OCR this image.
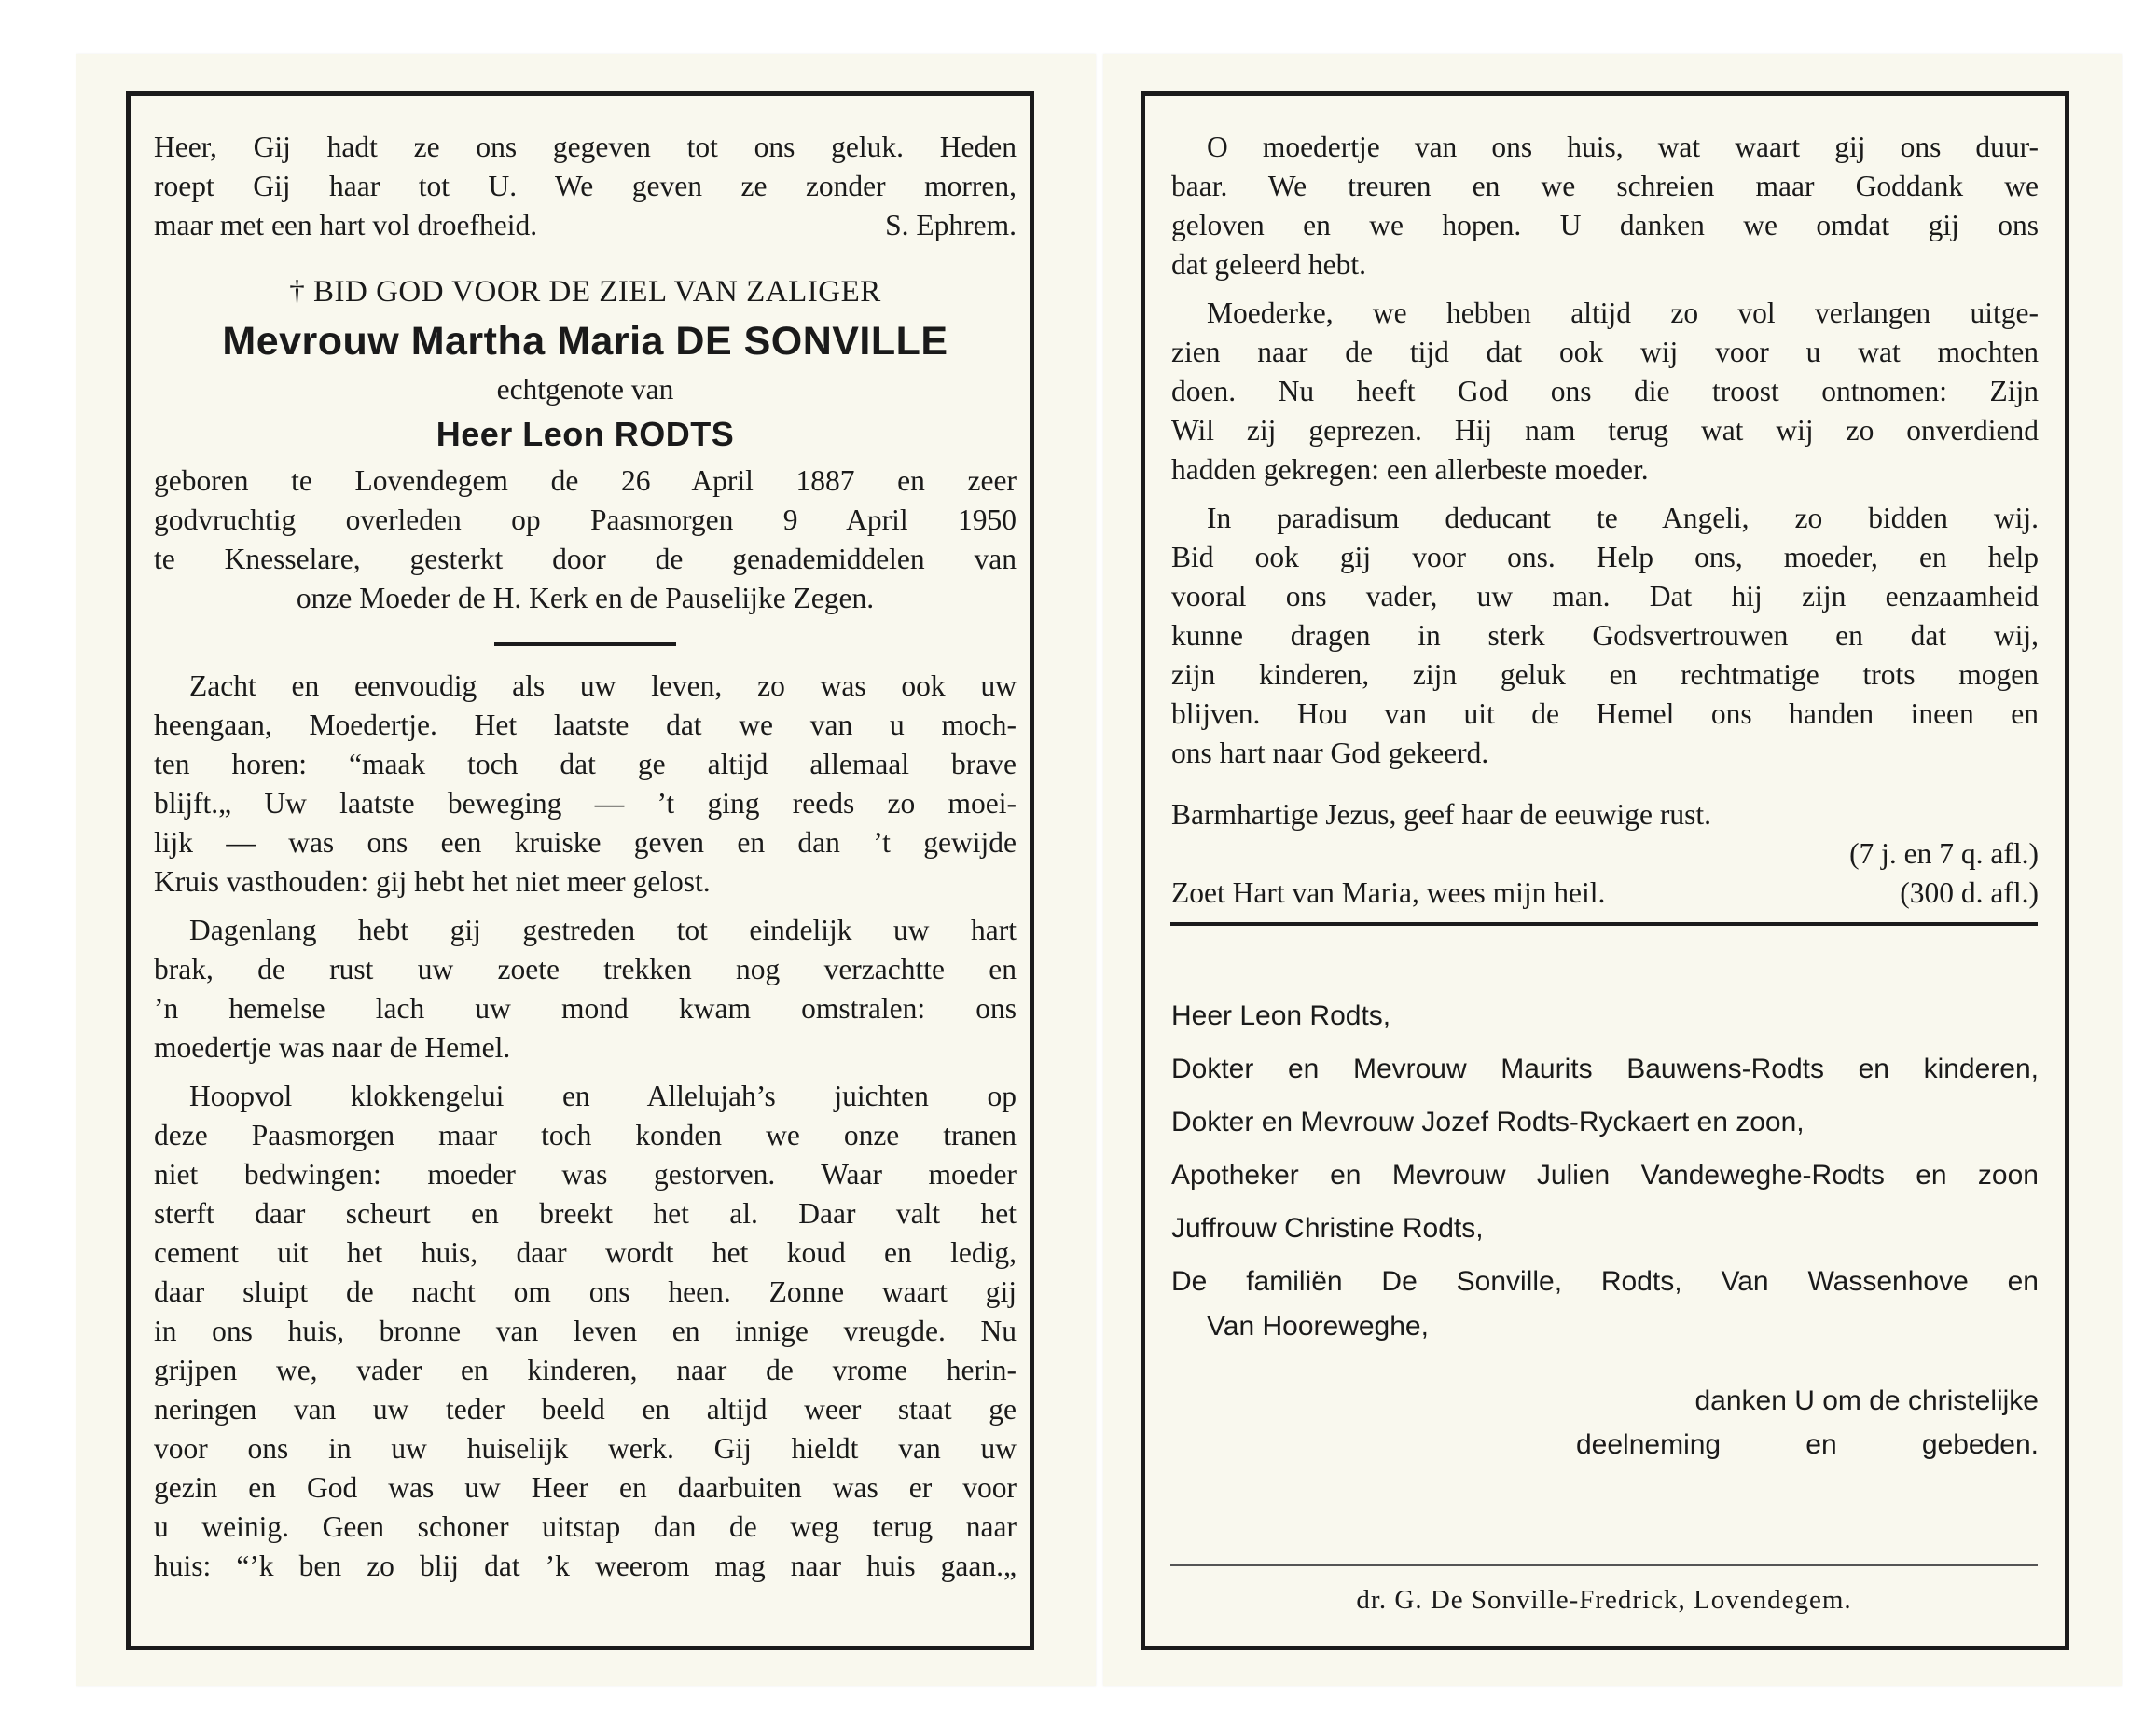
Heer, Gij hadt ze ons gegeven tot ons geluk. Heden

roept Gij haar tot U. We geven ze zonder morren,

maar met een hart vol droefheid.	S. Ephrem.

† BID GOD VOOR DE ZIEL VAN ZALIGER

Mevrouw Martha Maria DE SONVILLE

echtgenote van

Heer Leon RODTS

geboren te Lovendegem de 26 April 1887 en zeer

godvruchtig overleden op Paasmorgen 9 April 1950

te Knesselare, gesterkt door de genademiddelen van

onze Moeder de H. Kerk en de Pauselijke Zegen.

Zacht en eenvoudig als uw leven, zo was ook uw

heengaan, Moedertje. Het laatste dat we van u moch-

ten horen: “maak toch dat ge altijd allemaal brave

blijft.„ Uw laatste beweging — ’t ging reeds zo moei-

lijk — was ons een kruiske geven en dan ’t gewijde

Kruis vasthouden: gij hebt het niet meer gelost.

Dagenlang hebt gij gestreden tot eindelijk uw hart

brak, de rust uw zoete trekken nog verzachtte en

’n hemelse lach uw mond kwam omstralen: ons

moedertje was naar de Hemel.

Hoopvol klokkengelui en Allelujah’s juichten op

deze Paasmorgen maar toch konden we onze tranen

niet bedwingen: moeder was gestorven. Waar moeder

sterft daar scheurt en breekt het al. Daar valt het

cement uit het huis, daar wordt het koud en ledig,

daar sluipt de nacht om ons heen. Zonne waart gij

in ons huis, bronne van leven en innige vreugde. Nu

grijpen we, vader en kinderen, naar de vrome herin-

neringen van uw teder beeld en altijd weer staat ge

voor ons in uw huiselijk werk. Gij hieldt van uw

gezin en God was uw Heer en daarbuiten was er voor

u weinig. Geen schoner uitstap dan de weg terug naar

huis: “’k ben zo blij dat ’k weerom mag naar huis gaan.„

O moedertje van ons huis, wat waart gij ons duur-

baar. We treuren en we schreien maar Goddank we

geloven en we hopen. U danken we omdat gij ons

dat geleerd hebt.

Moederke, we hebben altijd zo vol verlangen uitge-

zien naar de tijd dat ook wij voor u wat mochten

doen. Nu heeft God ons die troost ontnomen: Zijn

Wil zij geprezen. Hij nam terug wat wij zo onverdiend

hadden gekregen: een allerbeste moeder.

In paradisum deducant te Angeli, zo bidden wij.

Bid ook gij voor ons. Help ons, moeder, en help

vooral ons vader, uw man. Dat hij zijn eenzaamheid

kunne dragen in sterk Godsvertrouwen en dat wij,

zijn kinderen, zijn geluk en rechtmatige trots mogen

blijven. Hou van uit de Hemel ons handen ineen en

ons hart naar God gekeerd.

Barmhartige Jezus, geef haar de eeuwige rust.

(7 j. en 7 q. afl.)

Zoet Hart van Maria, wees mijn heil.	(300 d. afl.)

Heer Leon Rodts,

Dokter en Mevrouw Maurits Bauwens-Rodts en kinderen,

Dokter en Mevrouw Jozef Rodts-Ryckaert en zoon,

Apotheker en Mevrouw Julien Vandeweghe-Rodts en zoon

Juffrouw Christine Rodts,

De familiën De Sonville, Rodts, Van Wassenhove en

Van Hooreweghe,

danken U om de christelijke

deelneming en gebeden.

dr. G. De Sonville-Fredrick, Lovendegem.
